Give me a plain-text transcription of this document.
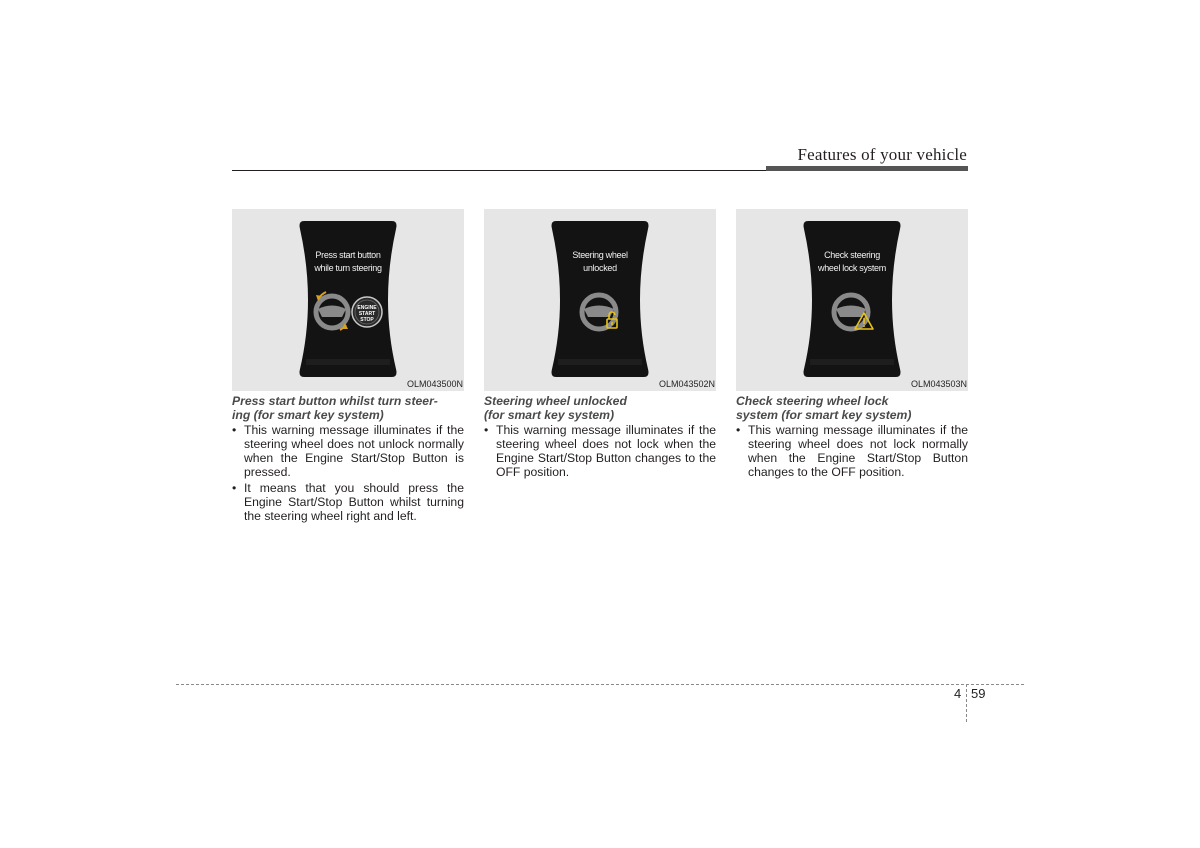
Features of your vehicle
Press start button
while turn steering
ENGINE
START
STOP
OLM043500N
Press start button whilst turn steer-
ing (for smart key system)
• This warning message illuminates if the steering wheel does not unlock normally when the Engine Start/Stop Button is pressed.
• It means that you should press the Engine Start/Stop Button whilst turning the steering wheel right and left.
Steering wheel
unlocked
OLM043502N
Steering wheel unlocked
(for smart key system)
• This warning message illuminates if the steering wheel does not lock when the Engine Start/Stop Button changes to the OFF position.
Check steering
wheel lock system
OLM043503N
Check steering wheel lock
system (for smart key system)
• This warning message illuminates if the steering wheel does not lock normally when the Engine Start/Stop Button changes to the OFF position.
4 59
